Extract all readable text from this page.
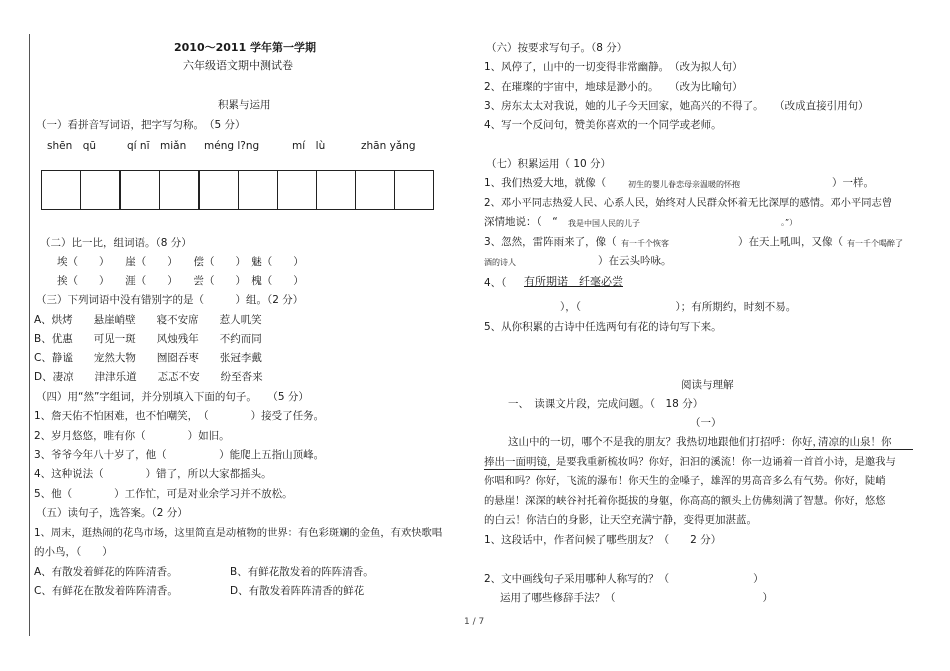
2010～2011 学年第一学期
六年级语文期中测试卷
积累与运用
（一）看拼音写词语，把字写匀称。　（5 分）
shēn　qū	qí nī　miǎn méng l?ng	mí　lù	zhān yǎng
（二）比一比，组词语。（8 分）
埃（　　）　　崖（　　）　　偿（　　）　魅（　　）
挨（　　）　　涯（　　）　　尝（　　）　槐（　　）
（三）下列词语中没有错别字的是（　　　）组。（2 分）
A、烘烤　　悬崖峭壁　　寝不安席　　惹人叽笑
B、优惠　　可见一斑　　风烛残年　　不约而同
C、静谧　　宠然大物　　囫囵吞枣　　张冠李戴
D、凄凉　　津津乐道　　忑忑不安　　纷至沓来
（四）用“然”字组词，并分别填入下面的句子。　　（5 分）
1、詹天佑不怕困难，也不怕嘲笑，　（　　　　）接受了任务。
2、岁月悠悠，唯有你（　　　　）如旧。
3、爷爷今年八十岁了，他（　　　　　）能爬上五指山顶峰。
4、这种说法（　　　　）错了，所以大家都摇头。
5、他（　　　　）工作忙，可是对业余学习并不放松。
（五）读句子，选答案。（2 分）
1、周末，逛热闹的花鸟市场，这里简直是动植物的世界：有色彩斑斓的金鱼，有欢快歌唱
的小鸟，（　　）
A、有散发着鲜花的阵阵清香。	B、有鲜花散发着的阵阵清香。
C、有鲜花在散发着阵阵清香。	D、有散发着阵阵清香的鲜花
（六）按要求写句子。（8 分）
1、风停了，山中的一切变得非常幽静。　（改为拟人句）
2、在璀璨的宇宙中，地球是渺小的。　　（改为比喻句）
3、房东太太对我说，她的儿子今天回家，她高兴的不得了。　　（改成直接引用句）
4、写一个反问句，赞美你喜欢的一个同学或老师。
（七）积累运用（ 10 分）
1、我们热爱大地，就像（	初生的婴儿眷恋母亲温暖的怀抱	）一样。
2、邓小平同志热爱人民、心系人民，始终对人民群众怀着无比深厚的感情。邓小平同志曾
深情地说：（　“ 我是中国人民的儿子	。”）
3、忽然，雷阵雨来了，像（ 有一千个恢客	）在天上吼叫，又像（ 有一千个喝醉了
酒的诗人	）在云头吟咏。
4、（ 有所期诺　纤毫必尝
），（　　　　　　　　　）；有所期约，时刻不易。
5、从你积累的古诗中任选两句有花的诗句写下来。
阅读与理解
一、　读课文片段，完成问题。（　18 分）
（一）
这山中的一切，哪个不是我的朋友？我热切地跟他们打招呼：你好，
清凉的山泉！你
捧出一面明镜，
是要我重新梳妆吗？你好，汩汩的溪流！你一边诵着一首首小诗，是邀我与
你唱和吗？你好，飞流的瀑布！你天生的金嗓子，雄浑的男高音多么有气势。你好，陡峭
的悬崖！深深的峡谷衬托着你挺拔的身躯，你高高的额头上仿佛刻满了智慧。你好，悠悠
的白云！你洁白的身影，让天空充满宁静，变得更加湛蓝。
1、这段话中，作者问候了哪些朋友？（　　2 分）
2、文中画线句子采用哪种人称写的？（　　　　　　　　）
运用了哪些修辞手法？（　　　　　　　　　　　　　　）
1 / 7
